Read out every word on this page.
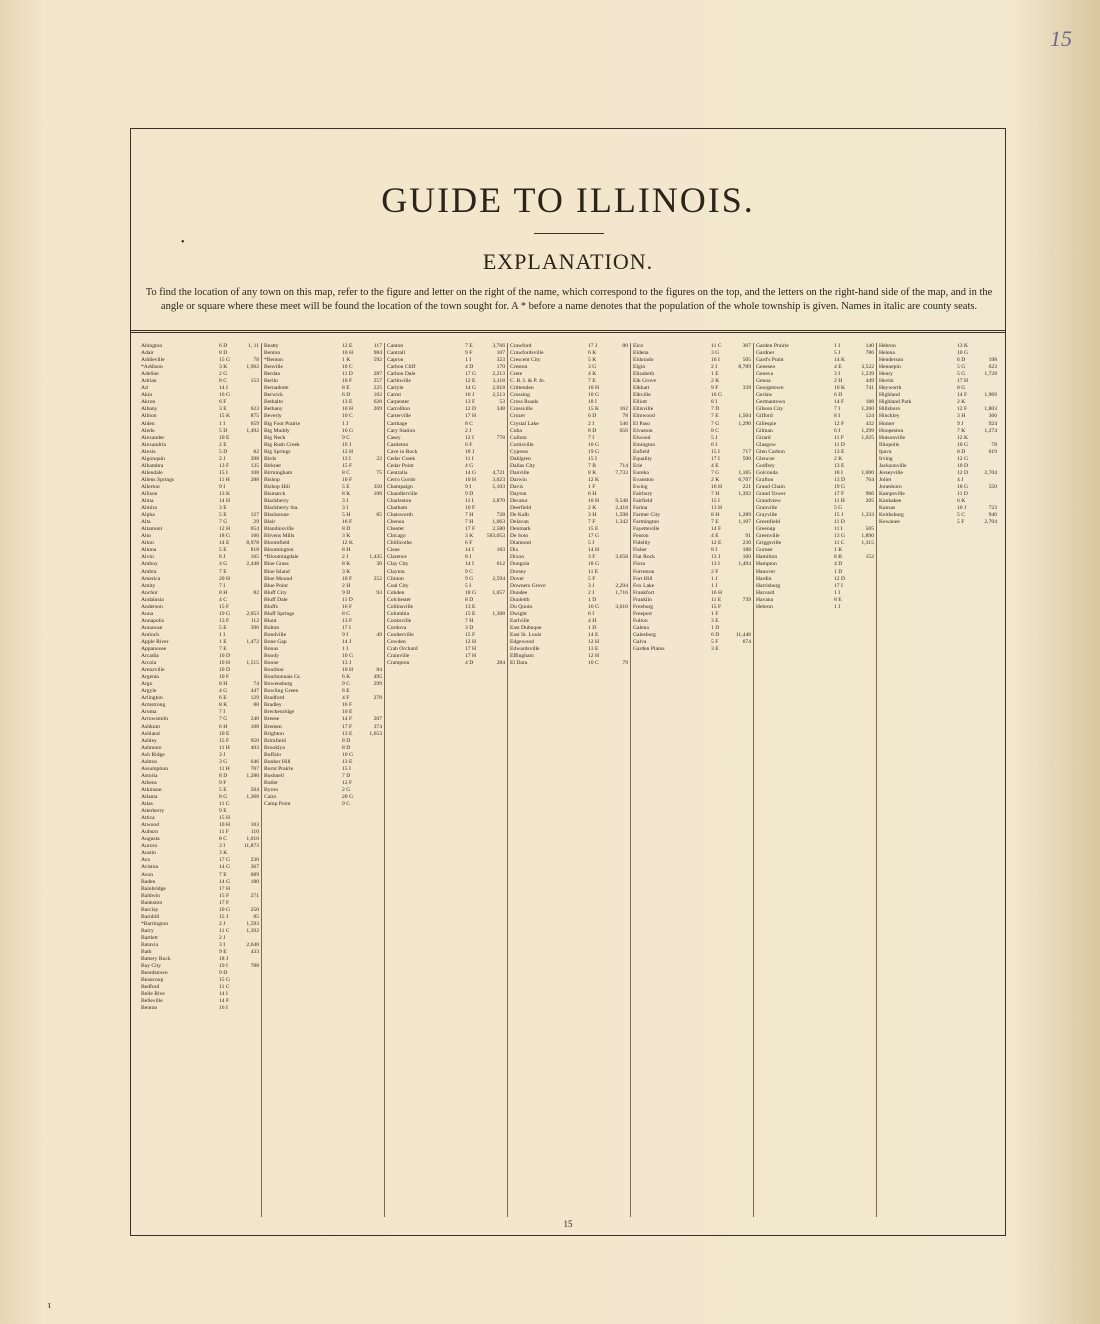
15
GUIDE TO ILLINOIS.
•
EXPLANATION.
To find the location of any town on this map, refer to the figure and letter on the right of the name, which correspond to the figures on the top, and the letters on the right-hand side of the map, and in the angle or square where these meet will be found the location of the town sought for. A * before a name denotes that the population of the whole township is given. Names in italic are county seats.
Abington	6 D	1, 11
Adair	8 D
Addieville	15 G	78
*Addison	3 K	1,962
Adeline	2 G
Adrian	8 C	153
Ad	14 I
Akin	16 G
Akron	6 F
Albany	3 E	623
Albion	15 K	875
Alden	1 I	659
Aledo	5 D	1,492
Alexander	10 E
Alexandria	2 E
Alexis	5 D	82
Algonquin	2 J	398
Alhambra	13 F	135
Allendale	15 I	108
Allens Springs	11 H	288
Allerton	9 I
Allison	13 K
Alma	14 H
Almira	3 E
Alpha	5 E	127
Alta	7 G	29
Altamont	12 H	654
Alto	18 G	166
Alton	14 E	8,978
Altona	5 E	818
Alvin	8 J	165
Amboy	4 G	2,448
Ambra	7 E
America	20 H
Amity	7 I
Anchor	8 H	82
Andalusia	4 C
Anderson	15 F
Anna	19 G	2,053
Annapolis	13 F	112
Annawan	5 E	396
Antioch	1 I
Apple River	1 E	1,472
Appanoose	7 E
Arcadia	10 D
Arcola	10 H	1,515
Arenzville	10 D
Argenta	10 F
Argo	8 H	74
Argyle	4 G	447
Arlington	6 E	129
Armstrong	8 K	80
Aroma	7 I
Arrowsmith	7 G	240
Ashkum	6 H	108
Ashland	10 E
Ashley	15 F	950
Ashmore	11 H	403
Ash Ridge	3 J
Ashton	3 G	646
Assumption	11 H	707
Astoria	8 D	1,280
Athens	9 F
Atkinson	5 E	504
Atlanta	8 G	1,368
Atlas	11 C
Atterberry	9 E
Attica	15 H
Atwood	10 H	103
Auburn	11 F	110
Augusta	8 C	1,010
Aurora	3 I	11,873
Austin	3 K
Ava	17 G	230
Aviston	14 G	367
Avon	7 E	689
Baden	14 G	180
Bainbridge	17 H
Baldwin	15 F	271
Bankston	17 F
Barclay	10 G	250
Barnhill	15 J	85
*Barrington	2 J	1,593
Barry	11 C	1,392
Bartlett	2 J
Batavia	3 I	2,640
Bath	9 E	433
Battery Rock	18 J
Bay City	19 I	788
Beardstown	9 D
Beaucoup	15 G
Bedford	11 C
Belle Rive	14 I
Belleville	14 F
Benton	16 I
Beatty	12 E	117
Benton	10 H	984
*Benton	1 K	592
Benville	10 C
Berdan	11 D	287
Berlin	10 F	257
Bernadotte	8 E	225
Berwick	6 D	162
Bethalto	13 E	628
Bethany	10 H	269
Beverly	10 C
Big Foot Prairie	1 J
Big Muddy	16 G
Big Neck	9 C
Big Rush Creek	16 J
Big Springs	12 H
Birds	13 I	22
Birkner	15 F
Birmingham	8 C	75
Bishop	10 F
Bishop Hill	5 E	350
Bismarck	8 K	108
Blackberry	3 I
Blackberry Sta.	3 I
Blackstone	5 H	85
Blair	16 F
Blandinsville	8 D
Blivens Mills	3 K
Bloomfield	12 K
Bloomington	8 H
*Bloomingdale	2 J	1,435
Blue Grass	8 K	30
Blue Island	3 K
Blue Mound	10 F	252
Blue Point	2 H
Bluff City	9 D	93
Bluff Dale	11 D
Bluffs	16 F
Bluff Springs	8 C
Blunt	13 F
Bolton	17 I
Bondville	9 I	49
Bone Gap	14 J
Bonus	1 I
Boody	10 G
Boone	13 J
Bourbon	10 H	84
Bourbonnais Gr.	6 K	495
Bowensburg	9 C	299
Bowling Green	8 E
Bradford	4 F	278
Bradley	16 F
Breckenridge	10 E
Breese	14 F	207
Bremen	17 F	374
Brighton	13 E	1,653
Brimfield	8 D
Brooklyn	8 D
Buffalo	10 G
Bunker Hill	13 E
Burnt Prairie	15 I
Bushnell	7 D
Butler	12 F
Byron	2 G
Cairo	20 G
Camp Point	9 C
Canton	7 E	3,766
Cantrall	9 F	107
Capron	1 I	323
Carbon Cliff	4 D	170
Carbon Dale	17 G	2,213
Carlinville	12 E	3,118
Carlyle	14 G	2,018
Carmi	16 J	2,513
Carpenter	13 F	53
Carrollton	12 D	348
Carterville	17 H
Carthage	8 C
Cary Station	2 J
Casey	12 I	778
Castleton	6 F
Cave in Rock	18 J
Cedar Creek	11 I
Cedar Point	4 G
Centralia	14 G	4,721
Cerro Gordo	10 H	3,023
Champaign	9 I	5,103
Chandlerville	9 D
Charleston	11 I	2,870
Chatham	10 F
Chatsworth	7 H	728
Chenoa	7 H	1,063
Chester	17 F	2,580
Chicago	3 K	503,053
Chillicothe	6 F
Cisne	14 I	183
Clarence	8 J
Clay City	14 I	612
Clayton	9 C
Clinton	9 G	2,594
Coal City	5 I
Cobden	18 G	1,057
Colchester	8 D
Collinsville	13 E
Columbia	15 E	1,308
Cooksville	7 H
Cordova	3 D
Coulterville	15 F
Cowden	12 H
Crab Orchard	17 H
Crainville	17 H
Crampton	4 D	284
Crawford	17 J	80
Crawfordsville	6 K
Crescent City	5 K
Creston	3 G
Crete	4 K
C. B. I. & P. Jn.	7 E
Crittenden	10 H
Crossing	10 G
Cross Roads	18 I
Crossville	15 K	162
Crozer	6 D	78
Crystal Lake	2 I	546
Cuba	8 D	656
Cullom	7 I
Curtisville	10 G
Cypress	19 G
Dahlgren	15 I
Dallas City	7 B	714
Danville	8 K	7,733
Darwin	12 K
Davis	1 F
Dayton	6 H
Decatur	10 H	9,548
Deerfield	2 K	2,418
De Kalb	3 H	1,598
Delavan	7 F	1,342
Denmark	15 E
De Soto	17 G
Diamond	5 I
Dix	14 H
Dixon	3 F	3,658
Dongola	18 G
Dorsey	11 E
Dover	5 F
Downers Grove	3 J	2,294
Dundee	2 I	1,716
Dunleith	1 D
Du Quoin	16 G	3,010
Dwight	6 I
Earlville	4 H
East Dubuque	1 D
East St. Louis	14 E
Edgewood	12 H
Edwardsville	13 E
Effingham	12 H
El Dara	10 C	79
Elco	11 C	307
Eldena	3 G
Eldorado	16 I	505
Elgin	2 I	8,789
Elizabeth	1 E
Elk Grove	2 K
Elkhart	9 F	339
Elkville	16 G
Elliott	8 I
Ellisville	7 D
Elmwood	7 E	1,504
El Paso	7 G	1,290
Elvaston	8 C
Elwood	5 J
Emington	6 I
Enfield	15 I	717
Equality	17 I	590
Erie	4 E
Eureka	7 G	1,185
Evanston	2 K	6,707
Ewing	16 H	221
Fairbury	7 H	1,392
Fairfield	15 I
Farina	13 H
Farmer City	8 H	1,289
Farmington	7 E	1,107
Fayetteville	14 F
Fenton	4 E	91
Fidelity	12 E	230
Fisher	8 I	188
Flat Rock	13 J	160
Flora	13 I	1,494
Forreston	2 F
Fort Hill	1 J
Fox Lake	1 J
Frankfort	16 H
Franklin	11 E	739
Freeburg	15 F
Freeport	1 F
Fulton	3 E
Galena	1 D
Galesburg	6 D	11,446
Galva	5 F	674
Garden Plains	3 E
Garden Prairie	1 I	140
Gardner	5 J	786
Gard's Point	14 K
Geneseo	4 E	3,522
Geneva	3 I	1,239
Genoa	2 H	449
Georgetown	10 K	741
Gerlaw	6 D
Germantown	14 F	188
Gibson City	7 I	1,260
Gifford	8 I	124
Gillespie	12 F	432
Gilman	6 J	1,299
Girard	11 F	1,025
Glasgow	11 D
Glen Carbon	13 E
Glencoe	2 K
Godfrey	13 E
Golconda	18 I	1,000
Grafton	13 D	764
Grand Chain	19 G
Grand Tower	17 F	966
Grandview	11 H	205
Granville	5 G
Grayville	15 J	1,333
Greenfield	11 D
Greenup	11 I	505
Greenville	13 G	1,890
Griggsville	11 C	1,315
Gurnee	1 K
Hamilton	8 B	152
Hampton	4 D
Hanover	1 D
Hardin	12 D
Harrisburg	17 I
Harvard	1 I
Havana	8 E
Hebron	1 I
Hebron	13 K
Helena	10 G
Henderson	6 D	198
Hennepin	5 G	623
Henry	5 G	1,728
Herrin	17 H
Heyworth	8 G
Highland	14 F	1,969
Highland Park	2 K
Hillsboro	12 F	1,803
Hinckley	3 H	366
Homer	9 J	924
Hoopeston	7 K	1,274
Hutsonville	12 K
Illiopolis	10 G	78
Ipava	8 D	619
Irving	12 G
Jacksonville	10 D
Jerseyville	12 D	2,704
Joliet	4 J
Jonesboro	18 G	550
Kampsville	11 D
Kankakee	6 K
Kansas	10 J	723
Keithsburg	5 C	946
Kewanee	5 F	2,704
15
ι
